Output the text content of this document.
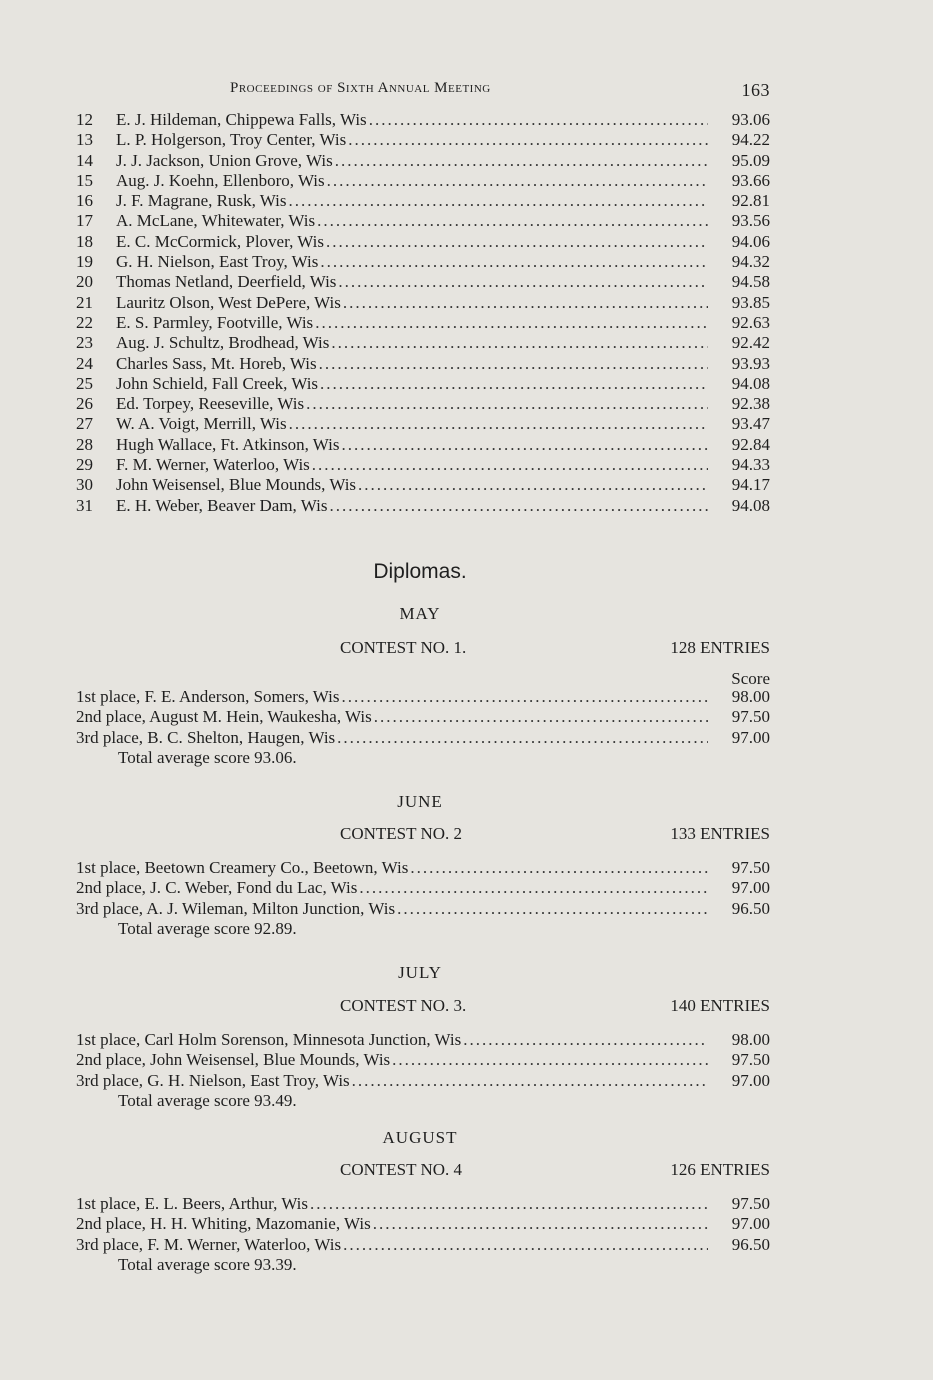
Proceedings of Sixth Annual Meeting	163
12	E. J. Hildeman, Chippewa Falls, Wis .....	93.06
13	L. P. Holgerson, Troy Center, Wis .....	94.22
14	J. J. Jackson, Union Grove, Wis .....	95.09
15	Aug. J. Koehn, Ellenboro, Wis .....	93.66
16	J. F. Magrane, Rusk, Wis .....	92.81
17	A. McLane, Whitewater, Wis .....	93.56
18	E. C. McCormick, Plover, Wis .....	94.06
19	G. H. Nielson, East Troy, Wis .....	94.32
20	Thomas Netland, Deerfield, Wis .....	94.58
21	Lauritz Olson, West DePere, Wis .....	93.85
22	E. S. Parmley, Footville, Wis .....	92.63
23	Aug. J. Schultz, Brodhead, Wis .....	92.42
24	Charles Sass, Mt. Horeb, Wis .....	93.93
25	John Schield, Fall Creek, Wis .....	94.08
26	Ed. Torpey, Reeseville, Wis .....	92.38
27	W. A. Voigt, Merrill, Wis .....	93.47
28	Hugh Wallace, Ft. Atkinson, Wis .....	92.84
29	F. M. Werner, Waterloo, Wis .....	94.33
30	John Weisensel, Blue Mounds, Wis .....	94.17
31	E. H. Weber, Beaver Dam, Wis .....	94.08
Diplomas.
MAY
CONTEST NO. 1.	128 ENTRIES
Score
1st place, F. E. Anderson, Somers, Wis .....	98.00
2nd place, August M. Hein, Waukesha, Wis .....	97.50
3rd place, B. C. Shelton, Haugen, Wis .....	97.00
Total average score 93.06.
JUNE
CONTEST NO. 2	133 ENTRIES
1st place, Beetown Creamery Co., Beetown, Wis .....	97.50
2nd place, J. C. Weber, Fond du Lac, Wis .....	97.00
3rd place, A. J. Wileman, Milton Junction, Wis .....	96.50
Total average score 92.89.
JULY
CONTEST NO. 3.	140 ENTRIES
1st place, Carl Holm Sorenson, Minnesota Junction, Wis .....	98.00
2nd place, John Weisensel, Blue Mounds, Wis .....	97.50
3rd place, G. H. Nielson, East Troy, Wis .....	97.00
Total average score 93.49.
AUGUST
CONTEST NO. 4	126 ENTRIES
1st place, E. L. Beers, Arthur, Wis .....	97.50
2nd place, H. H. Whiting, Mazomanie, Wis .....	97.00
3rd place, F. M. Werner, Waterloo, Wis .....	96.50
Total average score 93.39.
